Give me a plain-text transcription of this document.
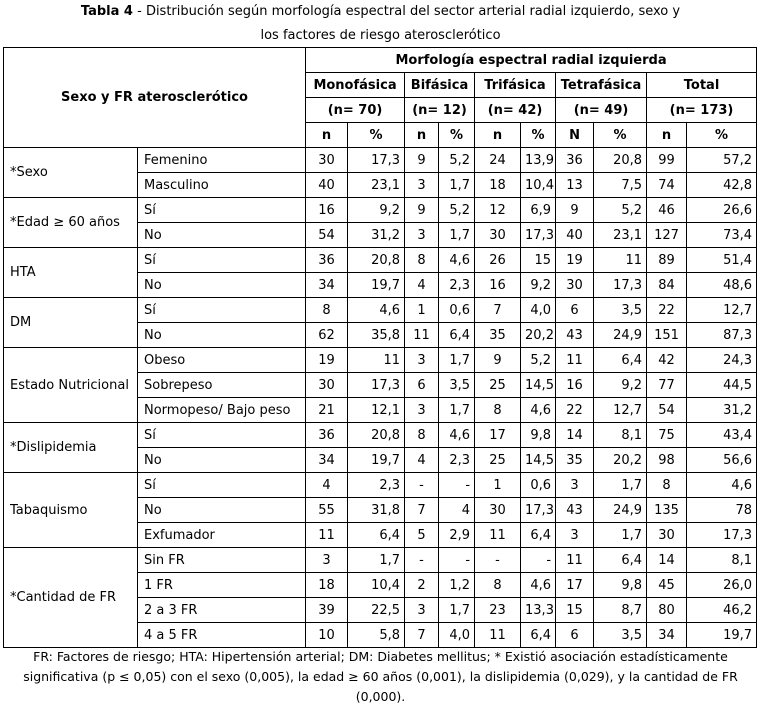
Tabla 4 - Distribución según morfología espectral del sector arterial radial izquierdo, sexo y
los factores de riesgo aterosclerótico
Sexo y FR aterosclerótico		Morfología espectral radial izquierda									
		Monofásica		Bifásica		Trifásica		Tetrafásica		Total	
		(n= 70)		(n= 12)		(n= 42)		(n= 49)		(n= 173)	
		n	%	n	%	n	%	N	%	n	%
*Sexo	Femenino	30	17,3	9	5,2	24	13,9	36	20,8	99	57,2
	Masculino	40	23,1	3	1,7	18	10,4	13	7,5	74	42,8
*Edad ≥ 60 años	Sí	16	9,2	9	5,2	12	6,9	9	5,2	46	26,6
	No	54	31,2	3	1,7	30	17,3	40	23,1	127	73,4
HTA	Sí	36	20,8	8	4,6	26	15	19	11	89	51,4
	No	34	19,7	4	2,3	16	9,2	30	17,3	84	48,6
DM	Sí	8	4,6	1	0,6	7	4,0	6	3,5	22	12,7
	No	62	35,8	11	6,4	35	20,2	43	24,9	151	87,3
Estado Nutricional	Obeso	19	11	3	1,7	9	5,2	11	6,4	42	24,3
	Sobrepeso	30	17,3	6	3,5	25	14,5	16	9,2	77	44,5
	Normopeso/ Bajo peso	21	12,1	3	1,7	8	4,6	22	12,7	54	31,2
*Dislipidemia	Sí	36	20,8	8	4,6	17	9,8	14	8,1	75	43,4
	No	34	19,7	4	2,3	25	14,5	35	20,2	98	56,6
Tabaquismo	Sí	4	2,3	-	-	1	0,6	3	1,7	8	4,6
	No	55	31,8	7	4	30	17,3	43	24,9	135	78
	Exfumador	11	6,4	5	2,9	11	6,4	3	1,7	30	17,3
*Cantidad de FR	Sin FR	3	1,7	-	-	-	-	11	6,4	14	8,1
	1 FR	18	10,4	2	1,2	8	4,6	17	9,8	45	26,0
	2 a 3 FR	39	22,5	3	1,7	23	13,3	15	8,7	80	46,2
	4 a 5 FR	10	5,8	7	4,0	11	6,4	6	3,5	34	19,7
FR: Factores de riesgo; HTA: Hipertensión arterial; DM: Diabetes mellitus; * Existió asociación estadísticamente
significativa (p ≤ 0,05) con el sexo (0,005), la edad ≥ 60 años (0,001), la dislipidemia (0,029), y la cantidad de FR (0,000).
